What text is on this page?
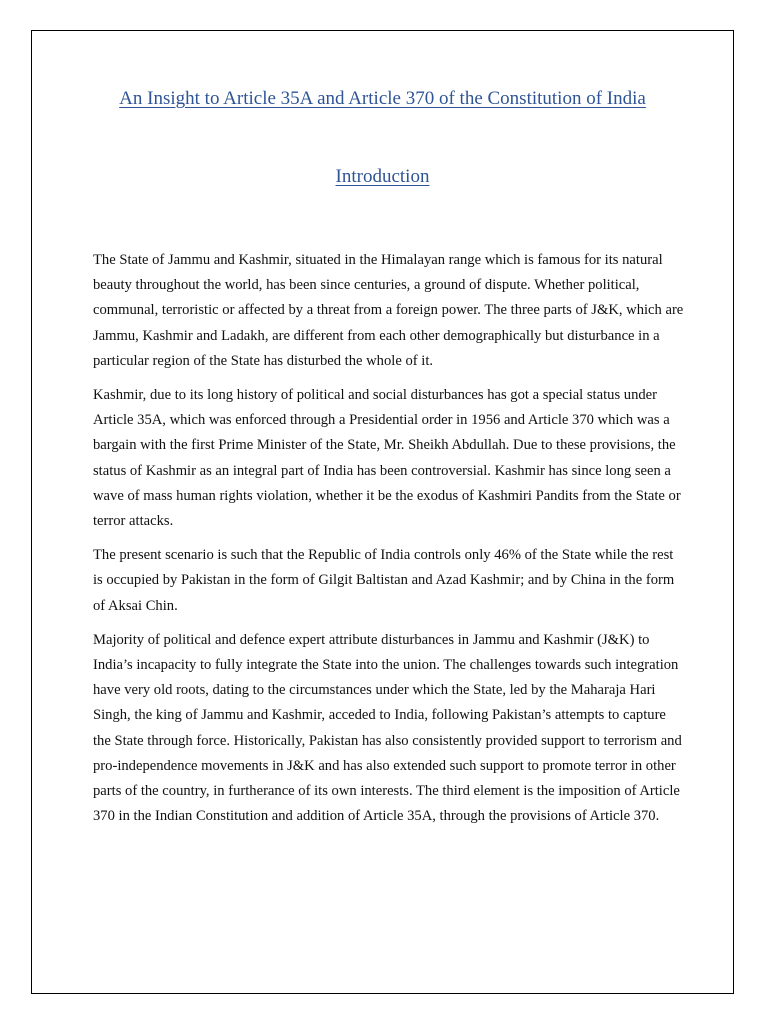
An Insight to Article 35A and Article 370 of the Constitution of India
Introduction

The State of Jammu and Kashmir, situated in the Himalayan range which is famous for its natural beauty throughout the world, has been since centuries, a ground of dispute. Whether political, communal, terroristic or affected by a threat from a foreign power. The three parts of J&K, which are Jammu, Kashmir and Ladakh, are different from each other demographically but disturbance in a particular region of the State has disturbed the whole of it.

Kashmir, due to its long history of political and social disturbances has got a special status under Article 35A, which was enforced through a Presidential order in 1956 and Article 370 which was a bargain with the first Prime Minister of the State, Mr. Sheikh Abdullah. Due to these provisions, the status of Kashmir as an integral part of India has been controversial. Kashmir has since long seen a wave of mass human rights violation, whether it be the exodus of Kashmiri Pandits from the State or terror attacks.

The present scenario is such that the Republic of India controls only 46% of the State while the rest is occupied by Pakistan in the form of Gilgit Baltistan and Azad Kashmir; and by China in the form of Aksai Chin.

Majority of political and defence expert attribute disturbances in Jammu and Kashmir (J&K) to India’s incapacity to fully integrate the State into the union. The challenges towards such integration have very old roots, dating to the circumstances under which the State, led by the Maharaja Hari Singh, the king of Jammu and Kashmir, acceded to India, following Pakistan’s attempts to capture the State through force. Historically, Pakistan has also consistently provided support to terrorism and pro-independence movements in J&K and has also extended such support to promote terror in other parts of the country, in furtherance of its own interests. The third element is the imposition of Article 370 in the Indian Constitution and addition of Article 35A, through the provisions of Article 370.
